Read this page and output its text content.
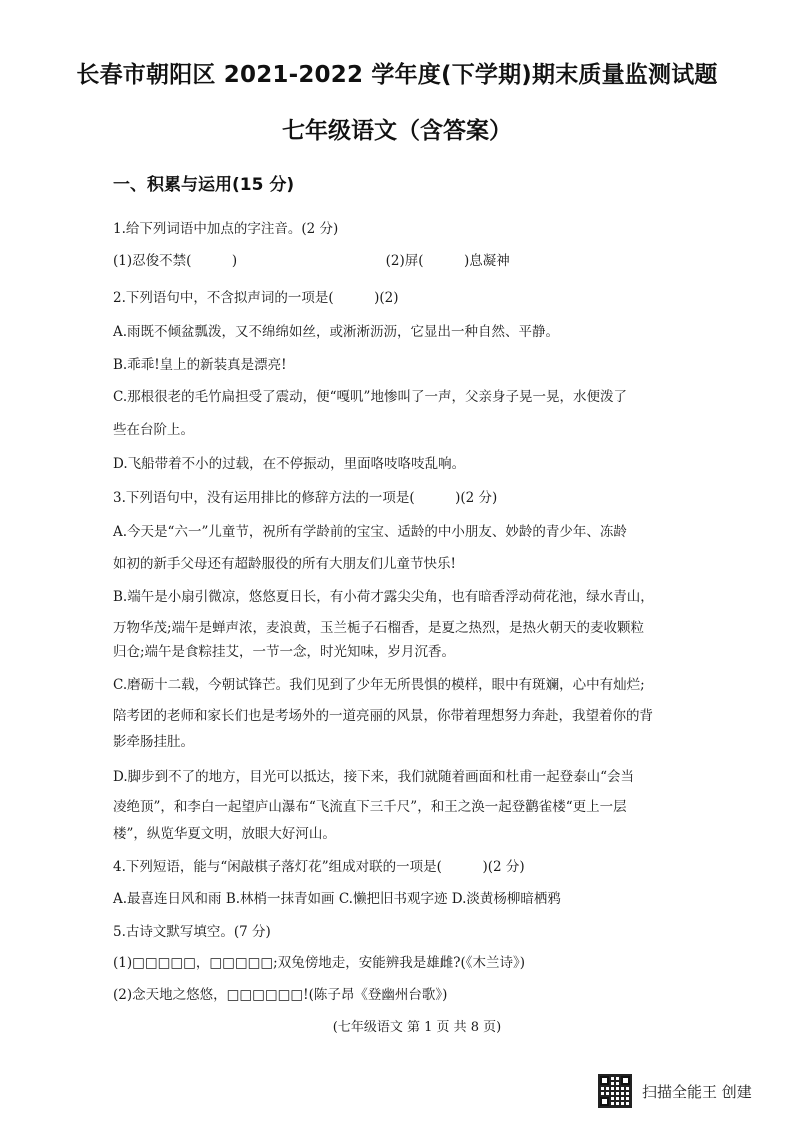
长春市朝阳区 2021-2022 学年度(下学期)期末质量监测试题
七年级语文（含答案）
一、积累与运用(15 分)
1.给下列词语中加点的字注音。(2 分)
(1)忍俊不禁(　　　)　　　　　　　　　　　(2)屏(　　　)息凝神
2.下列语句中，不含拟声词的一项是(　　　)(2)
A.雨既不倾盆瓢泼，又不绵绵如丝，或淅淅沥沥，它显出一种自然、平静。
B.乖乖!皇上的新装真是漂亮!
C.那根很老的毛竹扁担受了震动，便“嘎叽”地惨叫了一声，父亲身子晃一晃，水便泼了
些在台阶上。
D.飞船带着不小的过载，在不停振动，里面咯吱咯吱乱响。
3.下列语句中，没有运用排比的修辞方法的一项是(　　　)(2 分)
A.今天是“六一”儿童节，祝所有学龄前的宝宝、适龄的中小朋友、妙龄的青少年、冻龄
如初的新手父母还有超龄服役的所有大朋友们儿童节快乐!
B.端午是小扇引微凉，悠悠夏日长，有小荷才露尖尖角，也有暗香浮动荷花池，绿水青山，
万物华茂;端午是蝉声浓，麦浪黄，玉兰栀子石榴香，是夏之热烈，是热火朝天的麦收颗粒
归仓;端午是食粽挂艾，一节一念，时光知味，岁月沉香。
C.磨砺十二载，今朝试锋芒。我们见到了少年无所畏惧的模样，眼中有斑斓，心中有灿烂;
陪考团的老师和家长们也是考场外的一道亮丽的风景，你带着理想努力奔赴，我望着你的背
影牵肠挂肚。
D.脚步到不了的地方，目光可以抵达，接下来，我们就随着画面和杜甫一起登泰山“会当
凌绝顶”，和李白一起望庐山瀑布“飞流直下三千尺”，和王之涣一起登鹳雀楼“更上一层
楼”，纵览华夏文明，放眼大好河山。
4.下列短语，能与“闲敲棋子落灯花”组成对联的一项是(　　　)(2 分)
A.最喜连日风和雨 B.林梢一抹青如画 C.懒把旧书观字迹 D.淡黄杨柳暗栖鸦
5.古诗文默写填空。(7 分)
(1)□□□□□，□□□□□;双兔傍地走，安能辨我是雄雌?(《木兰诗》)
(2)念天地之悠悠，□□□□□□!(陈子昂《登幽州台歌》)
(七年级语文 第 1 页 共 8 页)
扫描全能王 创建
